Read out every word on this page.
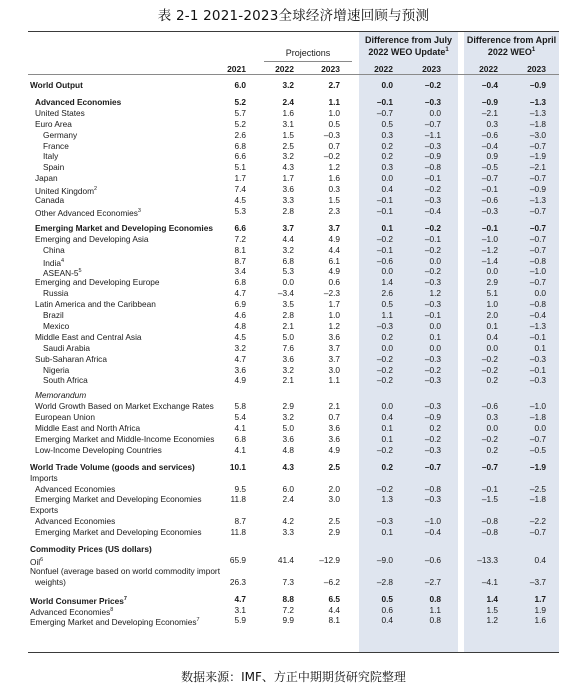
表 2-1 2021-2023全球经济增速回顾与预测
Projections
Difference from July
2022 WEO Update$^1$
Difference from April
2022 WEO$^1$
2021	2022	2023	2022	2023	2022	2023
World Output	6.0	3.2	2.7	0.0	–0.2	–0.4	–0.9
Advanced Economies	5.2	2.4	1.1	–0.1	–0.3	–0.9	–1.3
United States	5.7	1.6	1.0	–0.7	0.0	–2.1	–1.3
Euro Area	5.2	3.1	0.5	0.5	–0.7	0.3	–1.8
Germany	2.6	1.5	–0.3	0.3	–1.1	–0.6	–3.0
France	6.8	2.5	0.7	0.2	–0.3	–0.4	–0.7
Italy	6.6	3.2	–0.2	0.2	–0.9	0.9	–1.9
Spain	5.1	4.3	1.2	0.3	–0.8	–0.5	–2.1
Japan	1.7	1.7	1.6	0.0	–0.1	–0.7	–0.7
United Kingdom$^2$	7.4	3.6	0.3	0.4	–0.2	–0.1	–0.9
Canada	4.5	3.3	1.5	–0.1	–0.3	–0.6	–1.3
Other Advanced Economies$^3$	5.3	2.8	2.3	–0.1	–0.4	–0.3	–0.7
Emerging Market and Developing Economies	6.6	3.7	3.7	0.1	–0.2	–0.1	–0.7
Emerging and Developing Asia	7.2	4.4	4.9	–0.2	–0.1	–1.0	–0.7
China	8.1	3.2	4.4	–0.1	–0.2	–1.2	–0.7
India$^4$	8.7	6.8	6.1	–0.6	0.0	–1.4	–0.8
ASEAN-$5^5$	3.4	5.3	4.9	0.0	–0.2	0.0	–1.0
Emerging and Developing Europe	6.8	0.0	0.6	1.4	–0.3	2.9	–0.7
Russia	4.7	–3.4	–2.3	2.6	1.2	5.1	0.0
Latin America and the Caribbean	6.9	3.5	1.7	0.5	–0.3	1.0	–0.8
Brazil	4.6	2.8	1.0	1.1	–0.1	2.0	–0.4
Mexico	4.8	2.1	1.2	–0.3	0.0	0.1	–1.3
Middle East and Central Asia	4.5	5.0	3.6	0.2	0.1	0.4	–0.1
Saudi Arabia	3.2	7.6	3.7	0.0	0.0	0.0	0.1
Sub-Saharan Africa	4.7	3.6	3.7	–0.2	–0.3	–0.2	–0.3
Nigeria	3.6	3.2	3.0	–0.2	–0.2	–0.2	–0.1
South Africa	4.9	2.1	1.1	–0.2	–0.3	0.2	–0.3
Memorandum
World Growth Based on Market Exchange Rates	5.8	2.9	2.1	0.0	–0.3	–0.6	–1.0
European Union	5.4	3.2	0.7	0.4	–0.9	0.3	–1.8
Middle East and North Africa	4.1	5.0	3.6	0.1	0.2	0.0	0.0
Emerging Market and Middle-Income Economies	6.8	3.6	3.6	0.1	–0.2	–0.2	–0.7
Low-Income Developing Countries	4.1	4.8	4.9	–0.2	–0.3	0.2	–0.5
World Trade Volume (goods and services)	10.1	4.3	2.5	0.2	–0.7	–0.7	–1.9
Imports
Advanced Economies	9.5	6.0	2.0	–0.2	–0.8	–0.1	–2.5
Emerging Market and Developing Economies	11.8	2.4	3.0	1.3	–0.3	–1.5	–1.8
Exports
Advanced Economies	8.7	4.2	2.5	–0.3	–1.0	–0.8	–2.2
Emerging Market and Developing Economies	11.8	3.3	2.9	0.1	–0.4	–0.8	–0.7
Commodity Prices (US dollars)
Oil$^6$	65.9	41.4	–12.9	–9.0	–0.6	–13.3	0.4
Nonfuel (average based on world commodity import
weights)	26.3	7.3	–6.2	–2.8	–2.7	–4.1	–3.7
World Consumer Prices$^7$	4.7	8.8	6.5	0.5	0.8	1.4	1.7
Advanced Economies$^8$	3.1	7.2	4.4	0.6	1.1	1.5	1.9
Emerging Market and Developing Economies$^7$	5.9	9.9	8.1	0.4	0.8	1.2	1.6
数据来源：IMF、方正中期期货研究院整理
